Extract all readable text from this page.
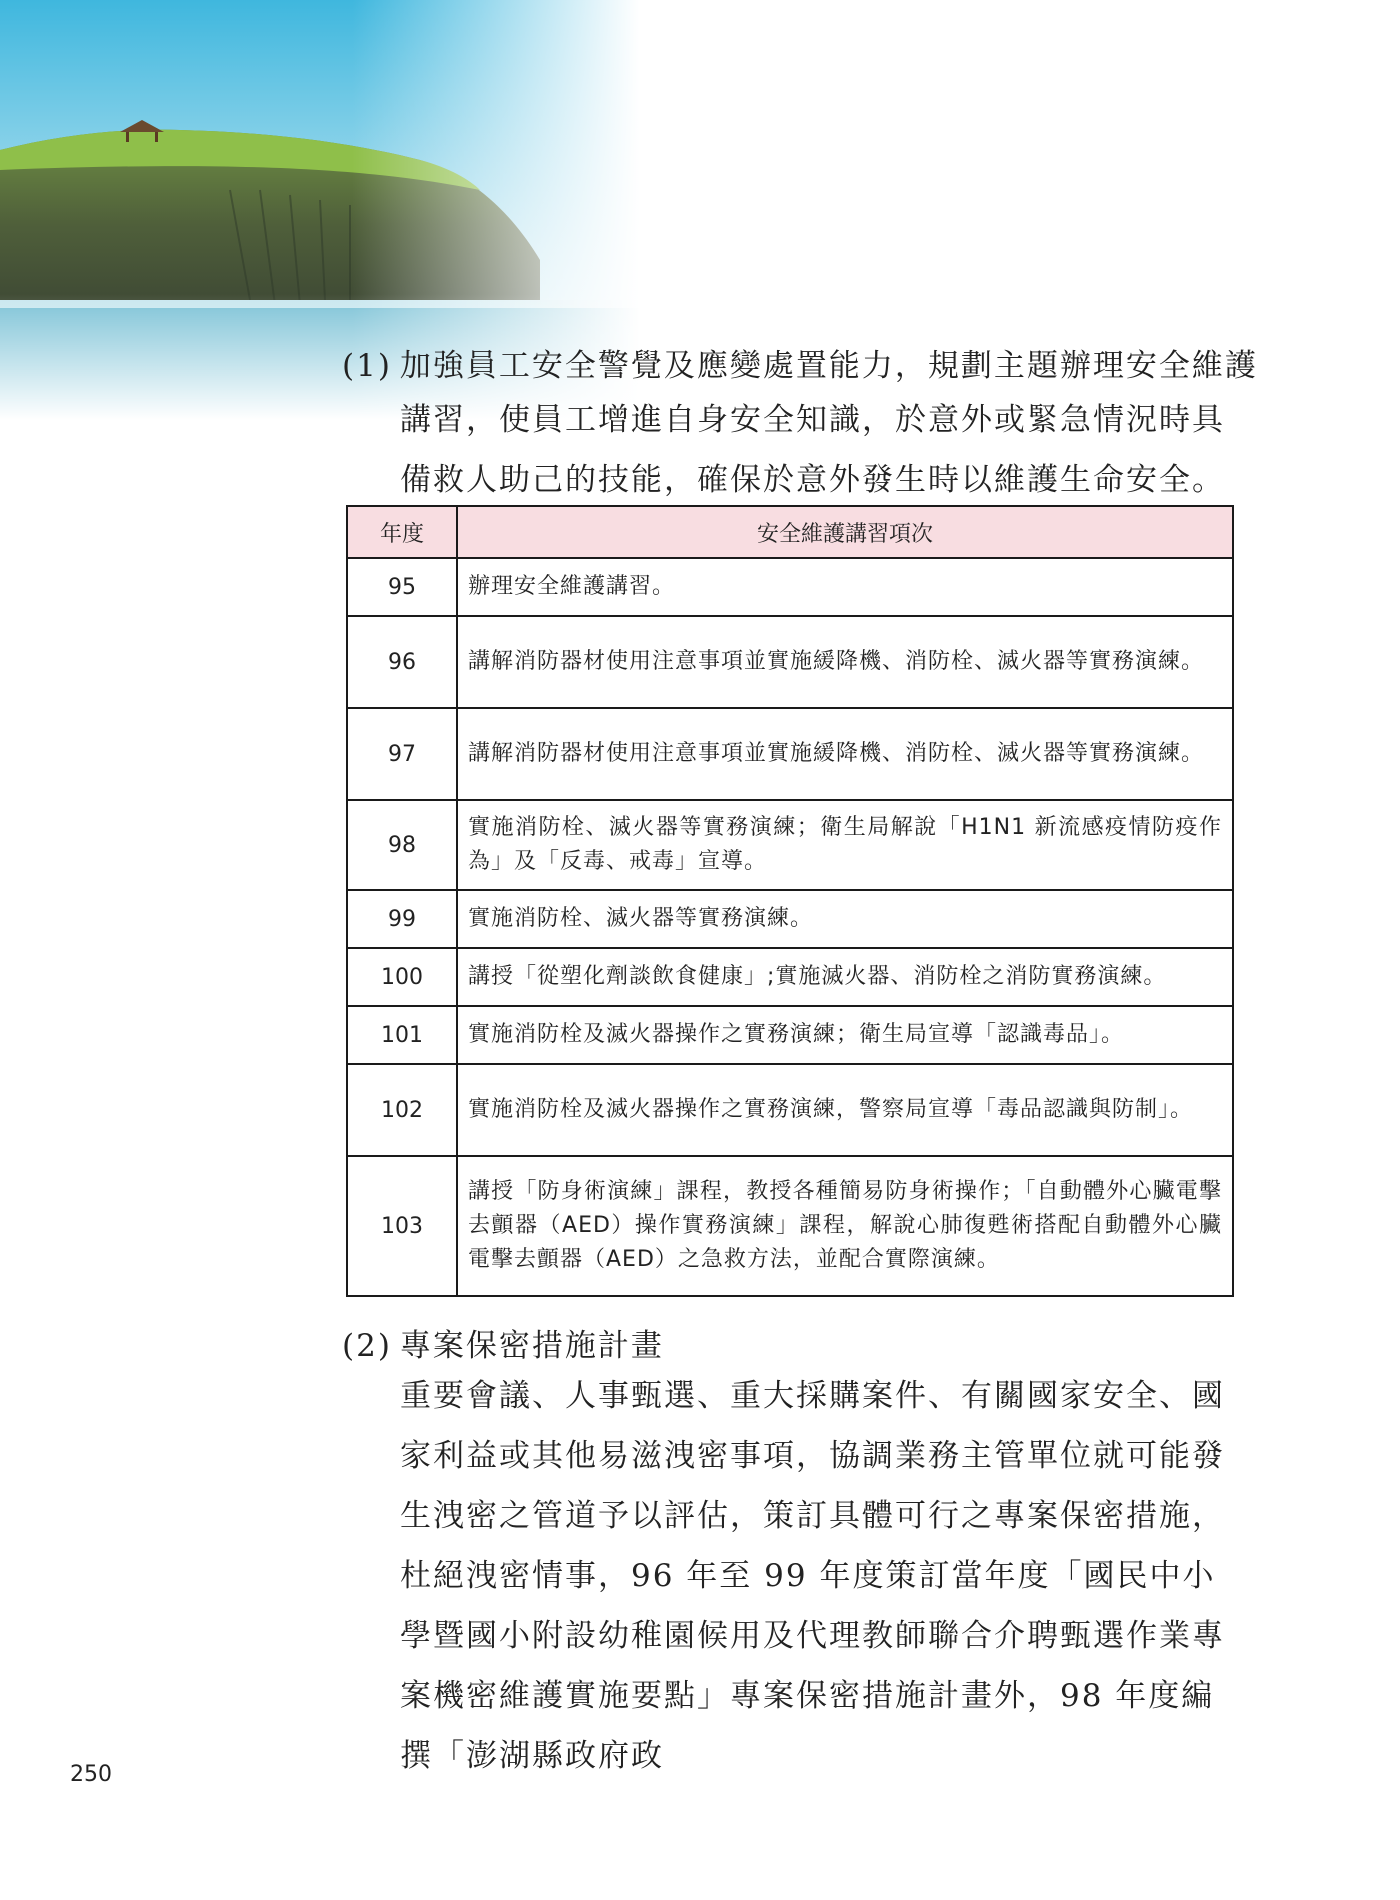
(1) 加強員工安全警覺及應變處置能力，規劃主題辦理安全維護
講習，使員工增進自身安全知識，於意外或緊急情況時具備救人助己的技能，確保於意外發生時以維護生命安全。
年度	安全維護講習項次
95	辦理安全維護講習。
96	講解消防器材使用注意事項並實施緩降機、消防栓、滅火器等實務演練。
97	講解消防器材使用注意事項並實施緩降機、消防栓、滅火器等實務演練。
98	實施消防栓、滅火器等實務演練；衛生局解說「H1N1 新流感疫情防疫作為」及「反毒、戒毒」宣導。
99	實施消防栓、滅火器等實務演練。
100	講授「從塑化劑談飲食健康」;實施滅火器、消防栓之消防實務演練。
101	實施消防栓及滅火器操作之實務演練；衛生局宣導「認識毒品」。
102	實施消防栓及滅火器操作之實務演練，警察局宣導「毒品認識與防制」。
103	講授「防身術演練」課程，教授各種簡易防身術操作；「自動體外心臟電擊去顫器（AED）操作實務演練」課程，解說心肺復甦術搭配自動體外心臟電擊去顫器（AED）之急救方法，並配合實際演練。
(2) 專案保密措施計畫
重要會議、人事甄選、重大採購案件、有關國家安全、國家利益或其他易滋洩密事項，協調業務主管單位就可能發生洩密之管道予以評估，策訂具體可行之專案保密措施，杜絕洩密情事，96 年至 99 年度策訂當年度「國民中小學暨國小附設幼稚園候用及代理教師聯合介聘甄選作業專案機密維護實施要點」專案保密措施計畫外，98 年度編撰「澎湖縣政府政
250
